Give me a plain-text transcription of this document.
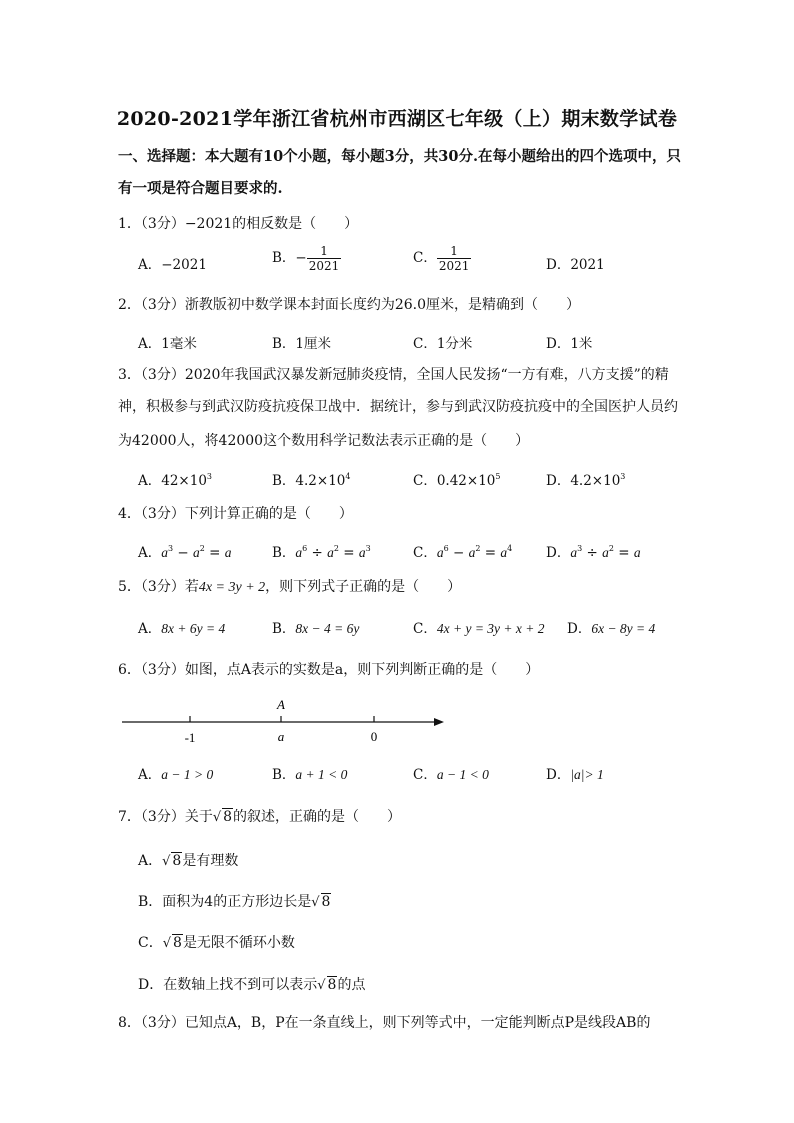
2020-2021学年浙江省杭州市西湖区七年级（上）期末数学试卷
一、选择题：本大题有10个小题，每小题3分，共30分.在每小题给出的四个选项中，只
有一项是符合题目要求的.
1．（3分）−2021的相反数是（　　）
A．−2021	B．− $\frac{1}{2021}$	C． $\frac{1}{2021}$	D．2021
2．（3分）浙教版初中数学课本封面长度约为26.0厘米，是精确到（　　）
A．1毫米	B．1厘米	C．1分米	D．1米
3．（3分）2020年我国武汉暴发新冠肺炎疫情，全国人民发扬“一方有难，八方支援”的精
神，积极参与到武汉防疫抗疫保卫战中．据统计，参与到武汉防疫抗疫中的全国医护人员约
为42000人，将42000这个数用科学记数法表示正确的是（　　）
A．$42\times 10^3$	B．$4.2\times 10^4$	C．$0.42\times 10^5$	D．$4.2\times 10^3$
4．（3分）下列计算正确的是（　　）
A．$a^3 - a^2 = a$	B．$a^6 \div a^2 = a^3$	C．$a^6 - a^2 = a^4$	D．$a^3 \div a^2 = a$
5．（3分）若4x = 3y + 2，则下列式子正确的是（　　）
A．8x + 6y = 4	B．8x − 4 = 6y	C．4x + y = 3y + x + 2 D．6x − 8y = 4
6．（3分）如图，点A表示的实数是a，则下列判断正确的是（　　）
A
-1	a	0
A．a − 1 > 0	B．a + 1 < 0	C．a − 1 < 0	D．|a|> 1
7．（3分）关于√ 8的叙述，正确的是（　　）
A．√ 8是有理数
B．面积为4的正方形边长是√ 8
C．√ 8是无限不循环小数
D．在数轴上找不到可以表示√ 8的点
8．（3分）已知点A，B，P在一条直线上，则下列等式中，一定能判断点P是线段AB的
